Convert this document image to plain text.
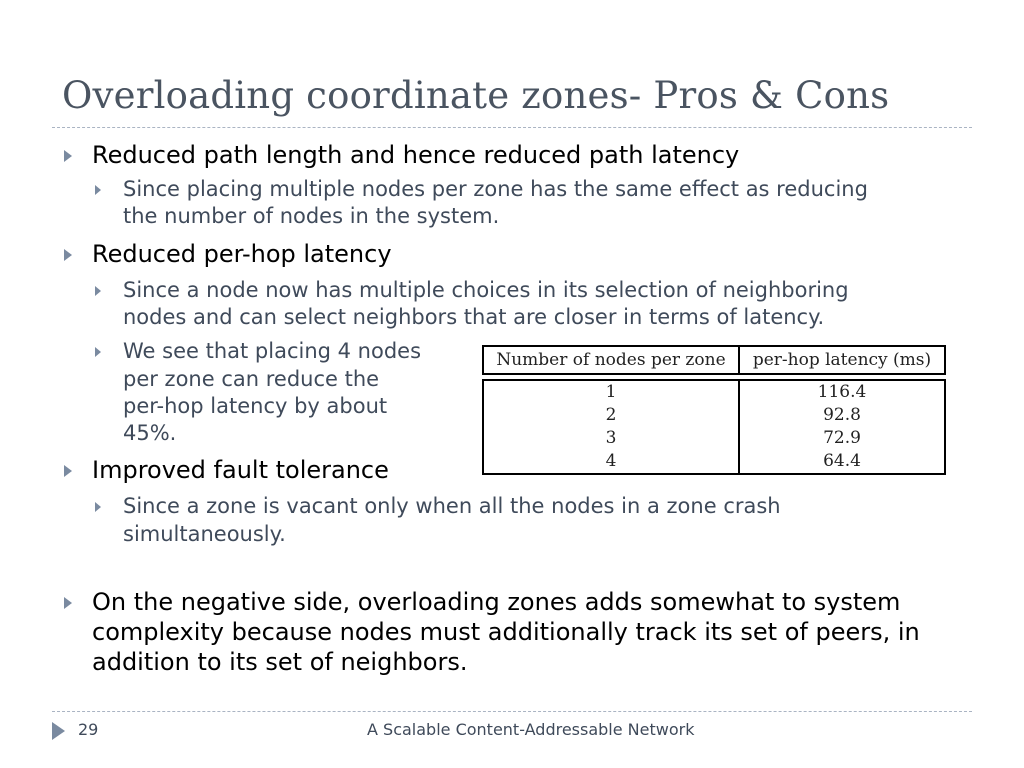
Overloading coordinate zones- Pros & Cons
Reduced path length and hence reduced path latency
Since placing multiple nodes per zone has the same effect as reducing
the number of nodes in the system.
Reduced per-hop latency
Since a node now has multiple choices in its selection of neighboring
nodes and can select neighbors that are closer in terms of latency.
We see that placing 4 nodes
per zone can reduce the
per-hop latency by about
45%.
Number of nodes per zone	per-hop latency (ms)

1	116.4
2	92.8
3	72.9
4	64.4
Improved fault tolerance
Since a zone is vacant only when all the nodes in a zone crash
simultaneously.
On the negative side, overloading zones adds somewhat to system complexity because nodes must additionally track its set of peers, in addition to its set of neighbors.
29	A Scalable Content-Addressable Network
